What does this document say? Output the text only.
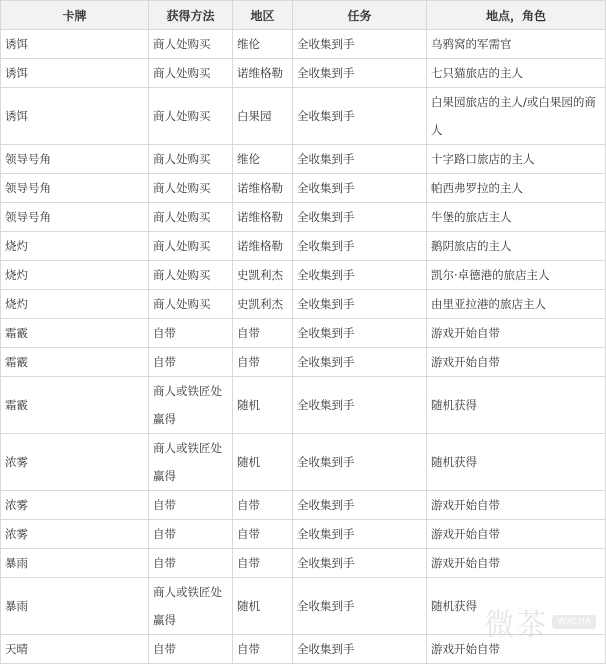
卡牌	获得方法	地区	任务	地点，角色
诱饵	商人处购买	维伦	全收集到手	乌鸦窝的军需官
诱饵	商人处购买	诺维格勒	全收集到手	七只猫旅店的主人
诱饵	商人处购买	白果园	全收集到手	白果园旅店的主人/或白果园的商人
领导号角	商人处购买	维伦	全收集到手	十字路口旅店的主人
领导号角	商人处购买	诺维格勒	全收集到手	帕西弗罗拉的主人
领导号角	商人处购买	诺维格勒	全收集到手	牛堡的旅店主人
烧灼	商人处购买	诺维格勒	全收集到手	鹅阴旅店的主人
烧灼	商人处购买	史凯利杰	全收集到手	凯尔·卓德港的旅店主人
烧灼	商人处购买	史凯利杰	全收集到手	由里亚拉港的旅店主人
霜霰	自带	自带	全收集到手	游戏开始自带
霜霰	自带	自带	全收集到手	游戏开始自带
霜霰	商人或铁匠处赢得	随机	全收集到手	随机获得
浓雾	商人或铁匠处赢得	随机	全收集到手	随机获得
浓雾	自带	自带	全收集到手	游戏开始自带
浓雾	自带	自带	全收集到手	游戏开始自带
暴雨	自带	自带	全收集到手	游戏开始自带
暴雨	商人或铁匠处赢得	随机	全收集到手	随机获得
天晴	自带	自带	全收集到手	游戏开始自带
微茶	WXCHA
